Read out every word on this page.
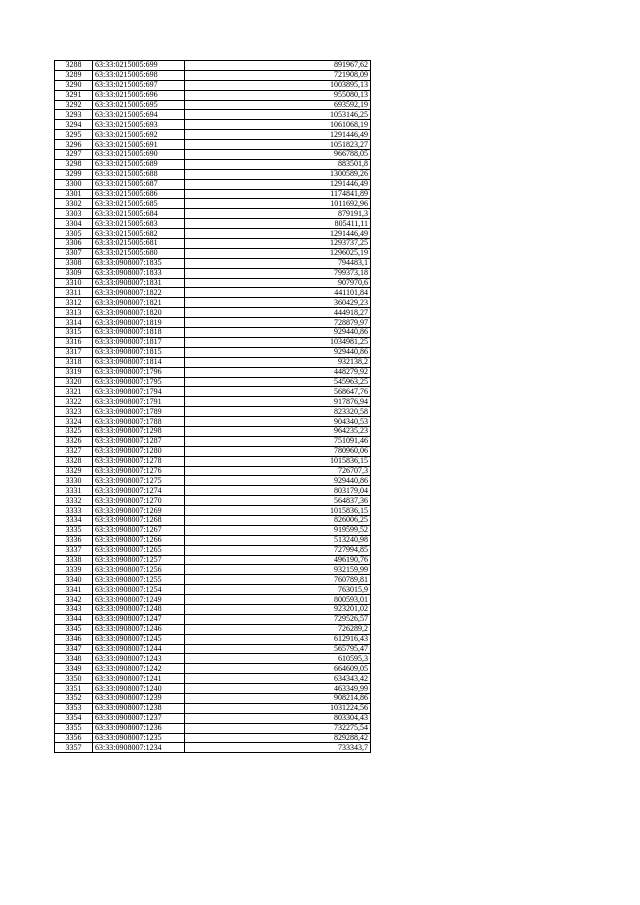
3288	63:33:0215005:699	891967,62
3289	63:33:0215005:698	721908,09
3290	63:33:0215005:697	1003895,13
3291	63:33:0215005:696	955080,13
3292	63:33:0215005:695	693592,19
3293	63:33:0215005:694	1053146,25
3294	63:33:0215005:693	1061068,19
3295	63:33:0215005:692	1291446,49
3296	63:33:0215005:691	1051823,27
3297	63:33:0215005:690	966788,05
3298	63:33:0215005:689	883501,8
3299	63:33:0215005:688	1300589,26
3300	63:33:0215005:687	1291446,49
3301	63:33:0215005:686	1174841,89
3302	63:33:0215005:685	1011692,96
3303	63:33:0215005:684	879191,3
3304	63:33:0215005:683	805411,11
3305	63:33:0215005:682	1291446,49
3306	63:33:0215005:681	1293737,25
3307	63:33:0215005:680	1296025,19
3308	63:33:0908007:1835	794483,1
3309	63:33:0908007:1833	799373,18
3310	63:33:0908007:1831	907970,6
3311	63:33:0908007:1822	441101,84
3312	63:33:0908007:1821	360429,23
3313	63:33:0908007:1820	444918,27
3314	63:33:0908007:1819	728879,97
3315	63:33:0908007:1818	929440,86
3316	63:33:0908007:1817	1034981,25
3317	63:33:0908007:1815	929440,86
3318	63:33:0908007:1814	932138,2
3319	63:33:0908007:1796	448279,92
3320	63:33:0908007:1795	545963,25
3321	63:33:0908007:1794	568647,76
3322	63:33:0908007:1791	917876,94
3323	63:33:0908007:1789	823320,58
3324	63:33:0908007:1788	904340,53
3325	63:33:0908007:1298	964235,23
3326	63:33:0908007:1287	751091,46
3327	63:33:0908007:1280	780960,06
3328	63:33:0908007:1278	1015836,15
3329	63:33:0908007:1276	726707,3
3330	63:33:0908007:1275	929440,86
3331	63:33:0908007:1274	803179,04
3332	63:33:0908007:1270	564837,36
3333	63:33:0908007:1269	1015836,15
3334	63:33:0908007:1268	826006,25
3335	63:33:0908007:1267	919599,52
3336	63:33:0908007:1266	513240,98
3337	63:33:0908007:1265	727994,85
3338	63:33:0908007:1257	496190,76
3339	63:33:0908007:1256	932159,99
3340	63:33:0908007:1255	760789,81
3341	63:33:0908007:1254	763015,9
3342	63:33:0908007:1249	800593,01
3343	63:33:0908007:1248	923201,02
3344	63:33:0908007:1247	729526,57
3345	63:33:0908007:1246	726289,2
3346	63:33:0908007:1245	612916,43
3347	63:33:0908007:1244	565795,47
3348	63:33:0908007:1243	610595,3
3349	63:33:0908007:1242	664609,05
3350	63:33:0908007:1241	634343,42
3351	63:33:0908007:1240	463349,99
3352	63:33:0908007:1239	908214,86
3353	63:33:0908007:1238	1031224,56
3354	63:33:0908007:1237	803304,43
3355	63:33:0908007:1236	732275,54
3356	63:33:0908007:1235	829288,42
3357	63:33:0908007:1234	733343,7
